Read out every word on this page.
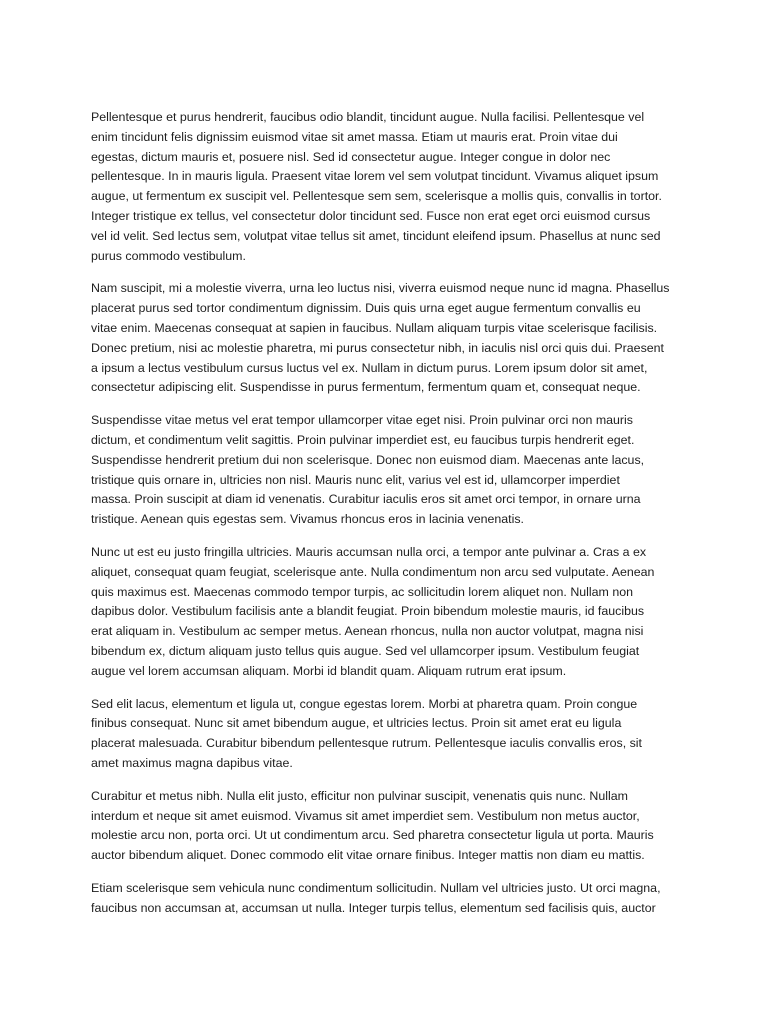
Pellentesque et purus hendrerit, faucibus odio blandit, tincidunt augue. Nulla facilisi. Pellentesque vel
enim tincidunt felis dignissim euismod vitae sit amet massa. Etiam ut mauris erat. Proin vitae dui
egestas, dictum mauris et, posuere nisl. Sed id consectetur augue. Integer congue in dolor nec
pellentesque. In in mauris ligula. Praesent vitae lorem vel sem volutpat tincidunt. Vivamus aliquet ipsum
augue, ut fermentum ex suscipit vel. Pellentesque sem sem, scelerisque a mollis quis, convallis in tortor.
Integer tristique ex tellus, vel consectetur dolor tincidunt sed. Fusce non erat eget orci euismod cursus
vel id velit. Sed lectus sem, volutpat vitae tellus sit amet, tincidunt eleifend ipsum. Phasellus at nunc sed
purus commodo vestibulum.

Nam suscipit, mi a molestie viverra, urna leo luctus nisi, viverra euismod neque nunc id magna. Phasellus
placerat purus sed tortor condimentum dignissim. Duis quis urna eget augue fermentum convallis eu
vitae enim. Maecenas consequat at sapien in faucibus. Nullam aliquam turpis vitae scelerisque facilisis.
Donec pretium, nisi ac molestie pharetra, mi purus consectetur nibh, in iaculis nisl orci quis dui. Praesent
a ipsum a lectus vestibulum cursus luctus vel ex. Nullam in dictum purus. Lorem ipsum dolor sit amet,
consectetur adipiscing elit. Suspendisse in purus fermentum, fermentum quam et, consequat neque.

Suspendisse vitae metus vel erat tempor ullamcorper vitae eget nisi. Proin pulvinar orci non mauris
dictum, et condimentum velit sagittis. Proin pulvinar imperdiet est, eu faucibus turpis hendrerit eget.
Suspendisse hendrerit pretium dui non scelerisque. Donec non euismod diam. Maecenas ante lacus,
tristique quis ornare in, ultricies non nisl. Mauris nunc elit, varius vel est id, ullamcorper imperdiet
massa. Proin suscipit at diam id venenatis. Curabitur iaculis eros sit amet orci tempor, in ornare urna
tristique. Aenean quis egestas sem. Vivamus rhoncus eros in lacinia venenatis.

Nunc ut est eu justo fringilla ultricies. Mauris accumsan nulla orci, a tempor ante pulvinar a. Cras a ex
aliquet, consequat quam feugiat, scelerisque ante. Nulla condimentum non arcu sed vulputate. Aenean
quis maximus est. Maecenas commodo tempor turpis, ac sollicitudin lorem aliquet non. Nullam non
dapibus dolor. Vestibulum facilisis ante a blandit feugiat. Proin bibendum molestie mauris, id faucibus
erat aliquam in. Vestibulum ac semper metus. Aenean rhoncus, nulla non auctor volutpat, magna nisi
bibendum ex, dictum aliquam justo tellus quis augue. Sed vel ullamcorper ipsum. Vestibulum feugiat
augue vel lorem accumsan aliquam. Morbi id blandit quam. Aliquam rutrum erat ipsum.

Sed elit lacus, elementum et ligula ut, congue egestas lorem. Morbi at pharetra quam. Proin congue
finibus consequat. Nunc sit amet bibendum augue, et ultricies lectus. Proin sit amet erat eu ligula
placerat malesuada. Curabitur bibendum pellentesque rutrum. Pellentesque iaculis convallis eros, sit
amet maximus magna dapibus vitae.

Curabitur et metus nibh. Nulla elit justo, efficitur non pulvinar suscipit, venenatis quis nunc. Nullam
interdum et neque sit amet euismod. Vivamus sit amet imperdiet sem. Vestibulum non metus auctor,
molestie arcu non, porta orci. Ut ut condimentum arcu. Sed pharetra consectetur ligula ut porta. Mauris
auctor bibendum aliquet. Donec commodo elit vitae ornare finibus. Integer mattis non diam eu mattis.

Etiam scelerisque sem vehicula nunc condimentum sollicitudin. Nullam vel ultricies justo. Ut orci magna,
faucibus non accumsan at, accumsan ut nulla. Integer turpis tellus, elementum sed facilisis quis, auctor
